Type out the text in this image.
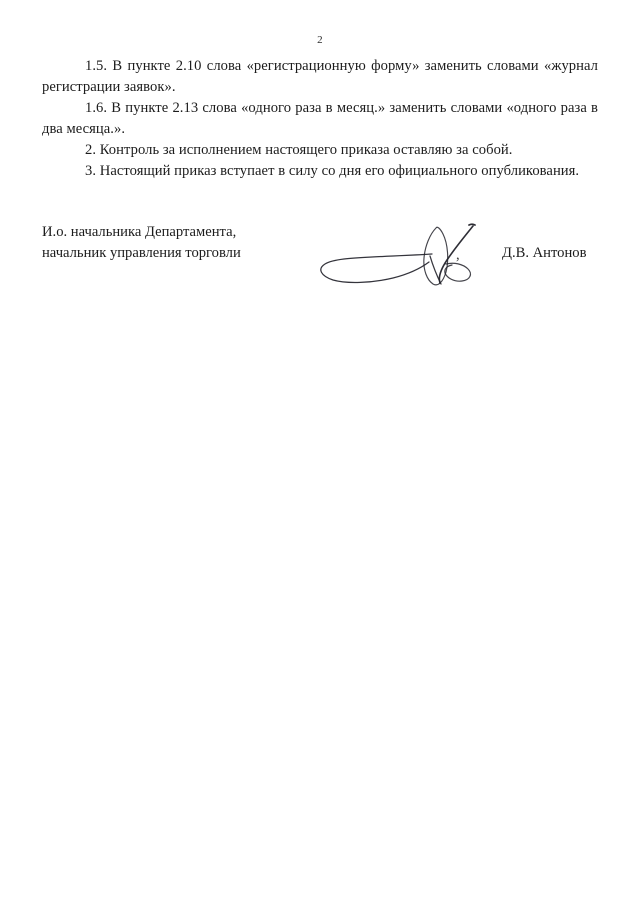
2

1.5. В пункте 2.10 слова «регистрационную форму» заменить словами «журнал регистрации заявок».

1.6. В пункте 2.13 слова «одного раза в месяц.» заменить словами «одного раза в два месяца.».

2. Контроль за исполнением настоящего приказа оставляю за собой.

3. Настоящий приказ вступает в силу со дня его официального опубликования.

И.о. начальника Департамента,
начальник управления торговли	,	Д.В. Антонов
